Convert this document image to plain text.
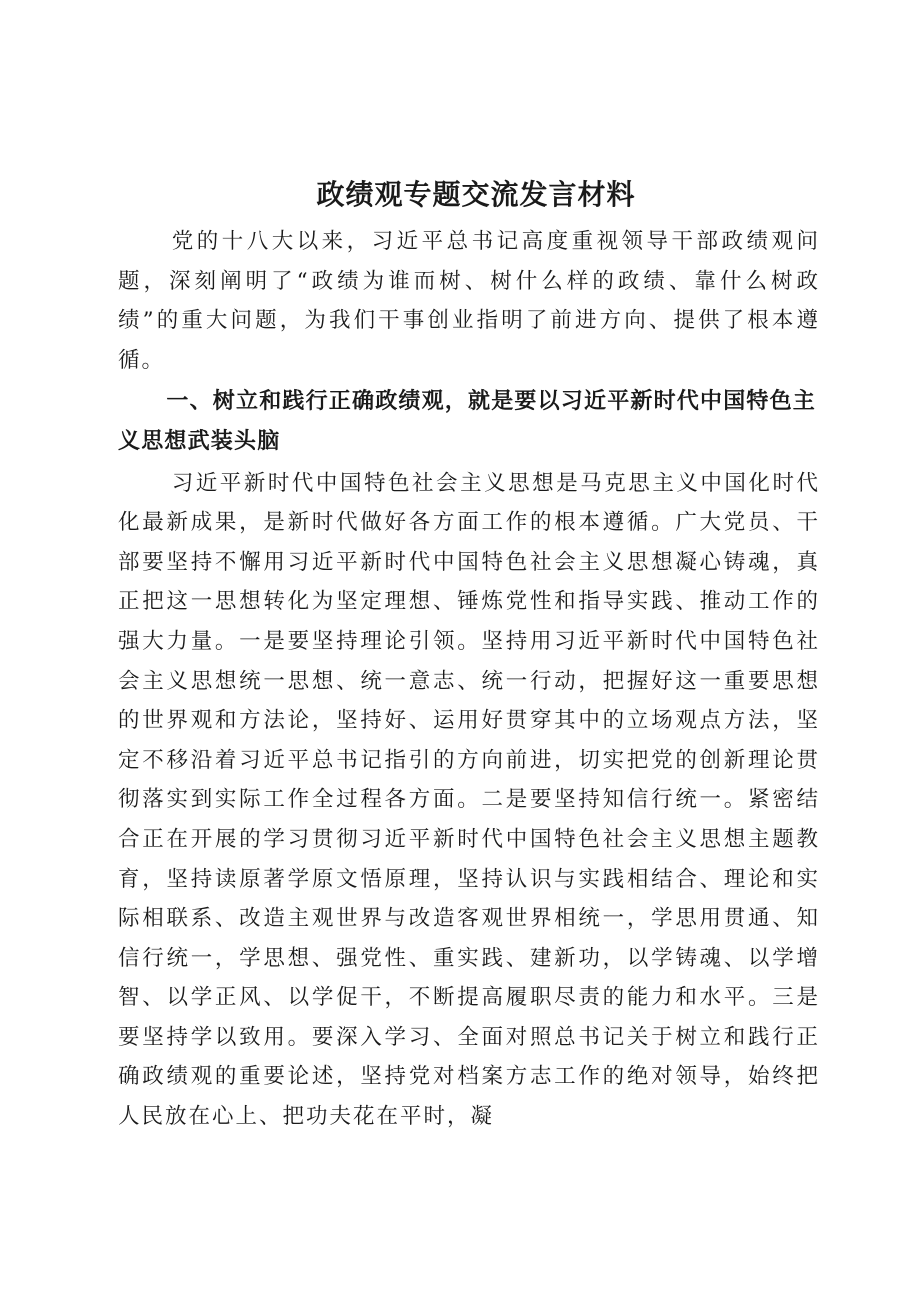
政绩观专题交流发言材料

党的十八大以来，习近平总书记高度重视领导干部政绩观问题，深刻阐明了“政绩为谁而树、树什么样的政绩、靠什么树政绩”的重大问题，为我们干事创业指明了前进方向、提供了根本遵循。

一、树立和践行正确政绩观，就是要以习近平新时代中国特色主义思想武装头脑

习近平新时代中国特色社会主义思想是马克思主义中国化时代化最新成果，是新时代做好各方面工作的根本遵循。广大党员、干部要坚持不懈用习近平新时代中国特色社会主义思想凝心铸魂，真正把这一思想转化为坚定理想、锤炼党性和指导实践、推动工作的强大力量。一是要坚持理论引领。坚持用习近平新时代中国特色社会主义思想统一思想、统一意志、统一行动，把握好这一重要思想的世界观和方法论，坚持好、运用好贯穿其中的立场观点方法，坚定不移沿着习近平总书记指引的方向前进，切实把党的创新理论贯彻落实到实际工作全过程各方面。二是要坚持知信行统一。紧密结合正在开展的学习贯彻习近平新时代中国特色社会主义思想主题教育，坚持读原著学原文悟原理，坚持认识与实践相结合、理论和实际相联系、改造主观世界与改造客观世界相统一，学思用贯通、知信行统一，学思想、强党性、重实践、建新功，以学铸魂、以学增智、以学正风、以学促干，不断提高履职尽责的能力和水平。三是要坚持学以致用。要深入学习、全面对照总书记关于树立和践行正确政绩观的重要论述，坚持党对档案方志工作的绝对领导，始终把人民放在心上、把功夫花在平时，凝
